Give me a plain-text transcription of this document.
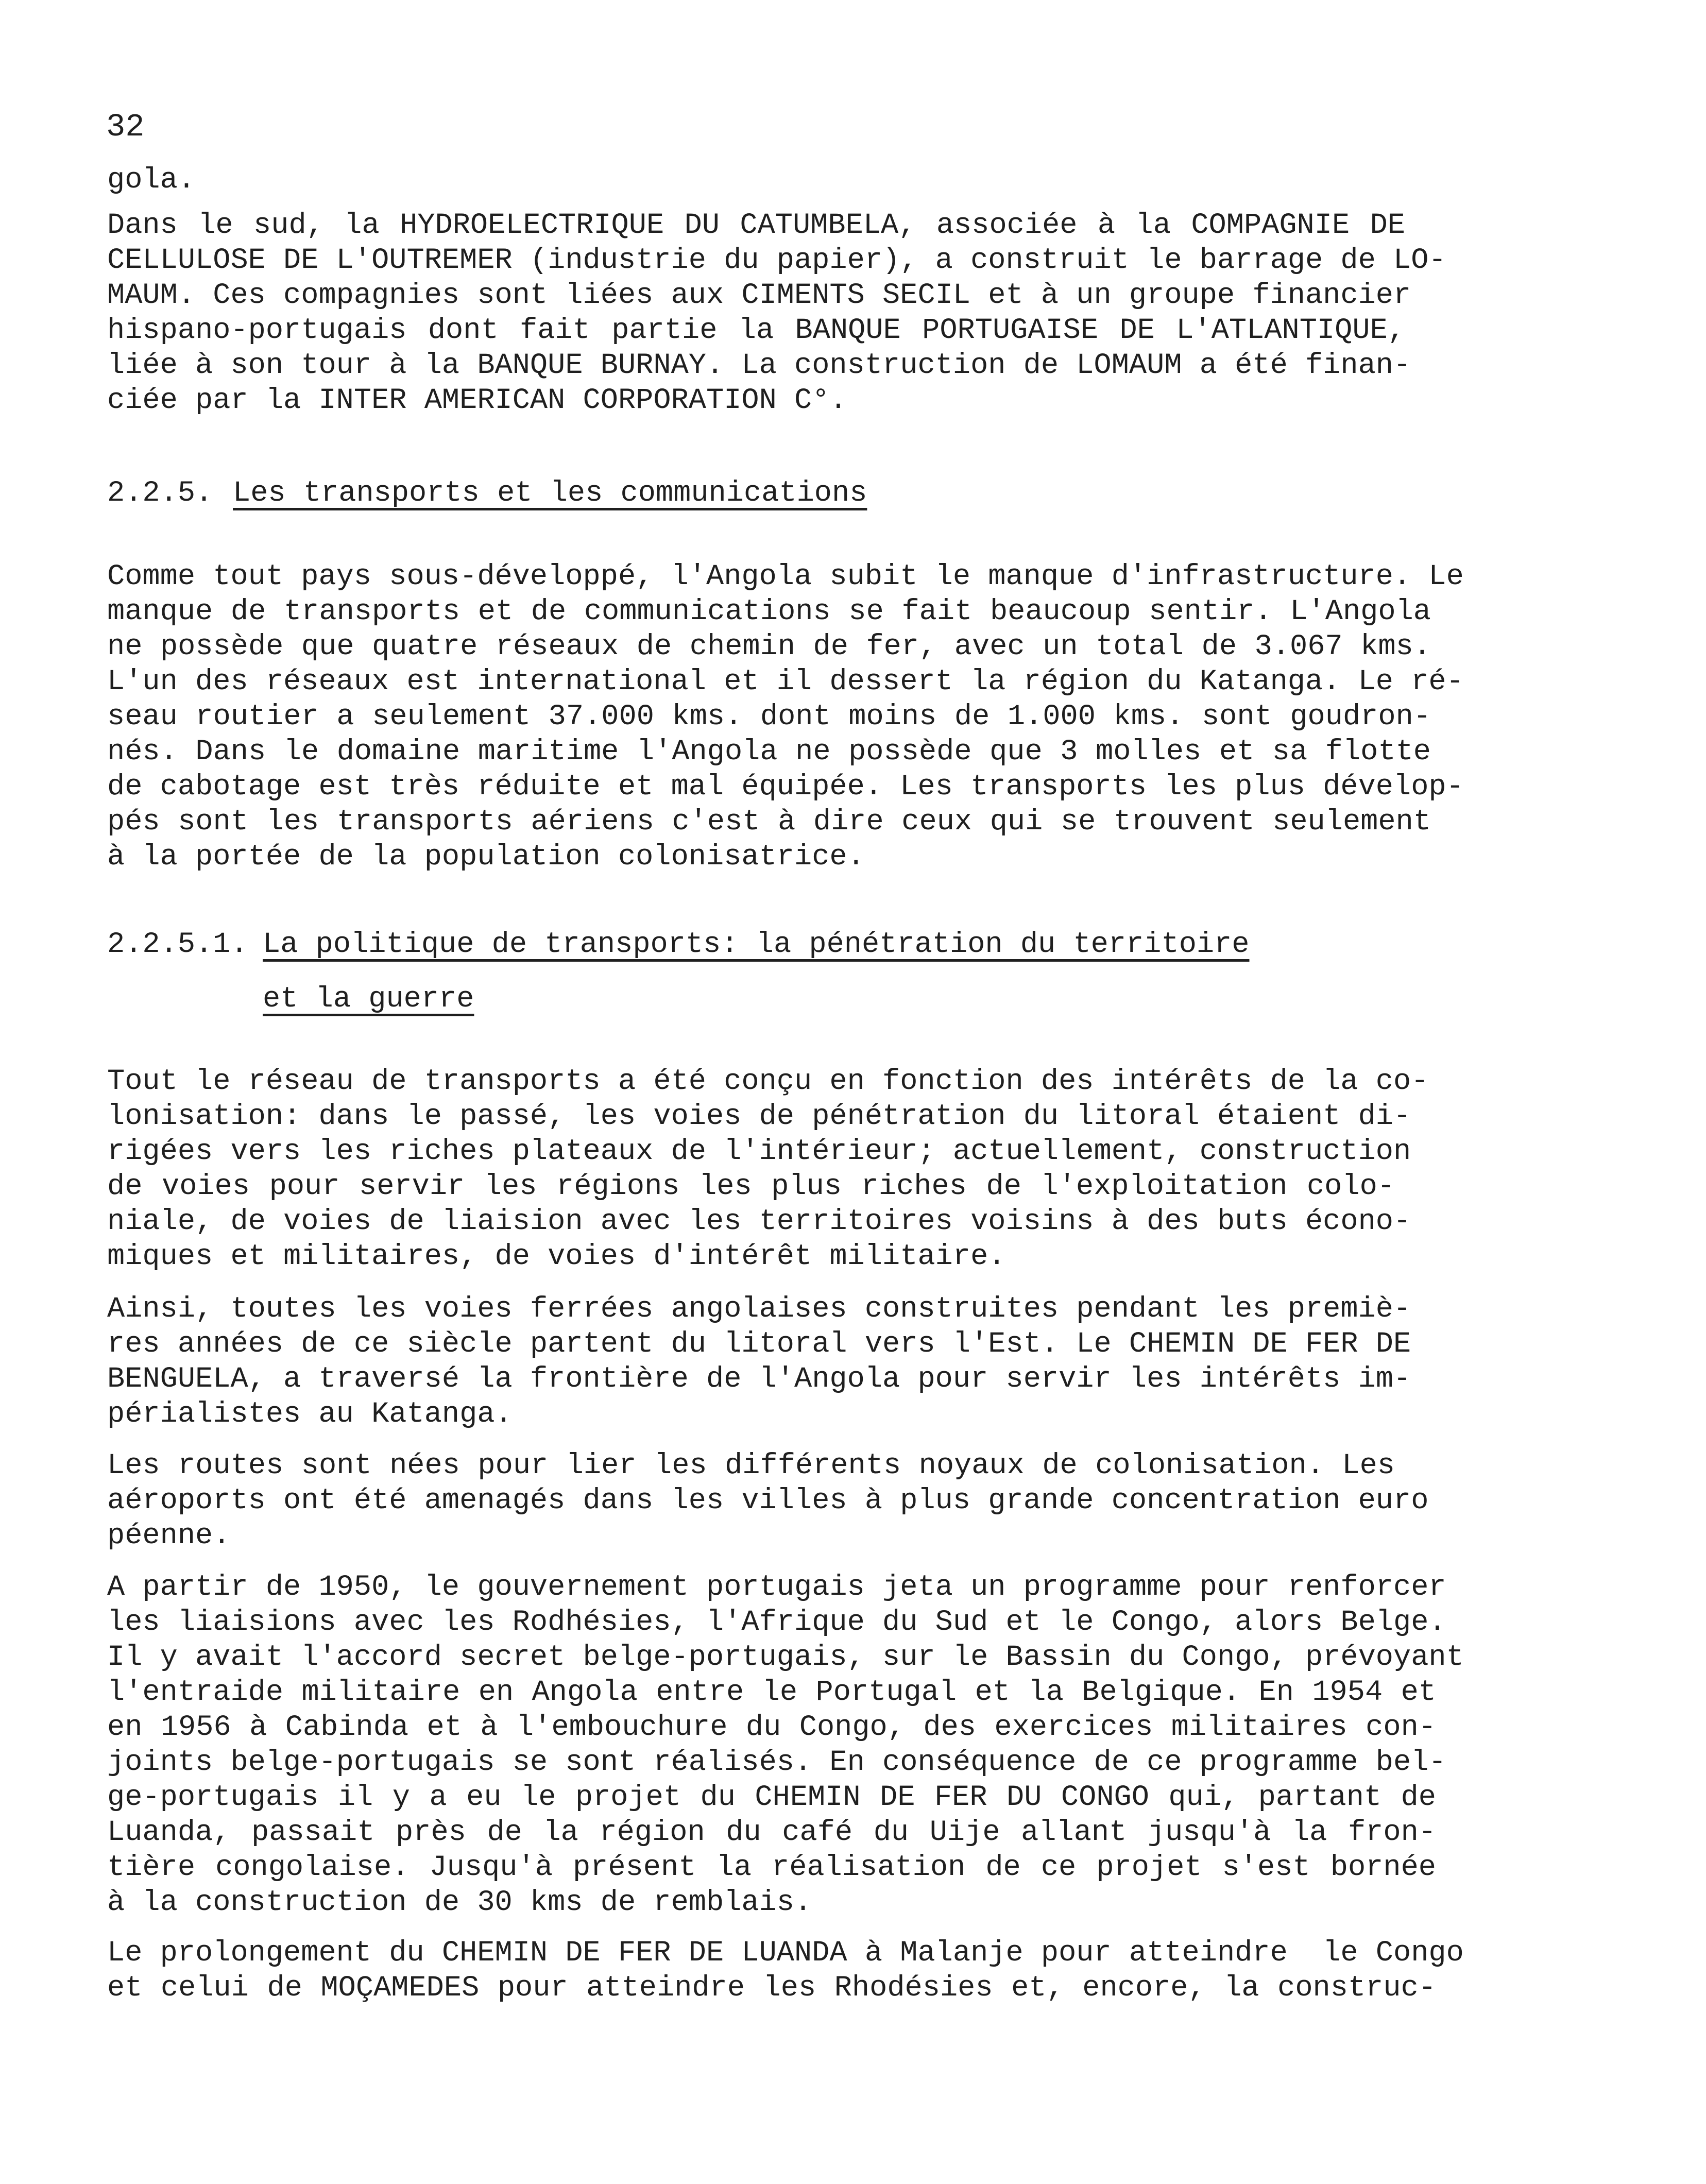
32
gola.
Dans le sud, la HYDROELECTRIQUE DU CATUMBELA, associée à la COMPAGNIE DE
CELLULOSE DE L'OUTREMER (industrie du papier), a construit le barrage de LO-
MAUM. Ces compagnies sont liées aux CIMENTS SECIL et à un groupe financier
hispano-portugais dont fait partie la BANQUE PORTUGAISE DE L'ATLANTIQUE,
liée à son tour à la BANQUE BURNAY. La construction de LOMAUM a été finan-
ciée par la INTER AMERICAN CORPORATION C°.
2.2.5. Les transports et les communications
Comme tout pays sous-développé, l'Angola subit le manque d'infrastructure. Le
manque de transports et de communications se fait beaucoup sentir. L'Angola
ne possède que quatre réseaux de chemin de fer, avec un total de 3.067 kms.
L'un des réseaux est international et il dessert la région du Katanga. Le ré-
seau routier a seulement 37.000 kms. dont moins de 1.000 kms. sont goudron-
nés. Dans le domaine maritime l'Angola ne possède que 3 molles et sa flotte
de cabotage est très réduite et mal équipée. Les transports les plus dévelop-
pés sont les transports aériens c'est à dire ceux qui se trouvent seulement
à la portée de la population colonisatrice.
2.2.5.1. La politique de transports: la pénétration du territoire
et la guerre
Tout le réseau de transports a été conçu en fonction des intérêts de la co-
lonisation: dans le passé, les voies de pénétration du litoral étaient di-
rigées vers les riches plateaux de l'intérieur; actuellement, construction
de voies pour servir les régions les plus riches de l'exploitation colo-
niale, de voies de liaision avec les territoires voisins à des buts écono-
miques et militaires, de voies d'intérêt militaire.
Ainsi, toutes les voies ferrées angolaises construites pendant les premiè-
res années de ce siècle partent du litoral vers l'Est. Le CHEMIN DE FER DE
BENGUELA, a traversé la frontière de l'Angola pour servir les intérêts im-
périalistes au Katanga.
Les routes sont nées pour lier les différents noyaux de colonisation. Les
aéroports ont été amenagés dans les villes à plus grande concentration euro
péenne.
A partir de 1950, le gouvernement portugais jeta un programme pour renforcer
les liaisions avec les Rodhésies, l'Afrique du Sud et le Congo, alors Belge.
Il y avait l'accord secret belge-portugais, sur le Bassin du Congo, prévoyant
l'entraide militaire en Angola entre le Portugal et la Belgique. En 1954 et
en 1956 à Cabinda et à l'embouchure du Congo, des exercices militaires con-
joints belge-portugais se sont réalisés. En conséquence de ce programme bel-
ge-portugais il y a eu le projet du CHEMIN DE FER DU CONGO qui, partant de
Luanda, passait près de la région du café du Uije allant jusqu'à la fron-
tière congolaise. Jusqu'à présent la réalisation de ce projet s'est bornée
à la construction de 30 kms de remblais.
Le prolongement du CHEMIN DE FER DE LUANDA à Malanje pour atteindre  le Congo
et celui de MOÇAMEDES pour atteindre les Rhodésies et, encore, la construc-
